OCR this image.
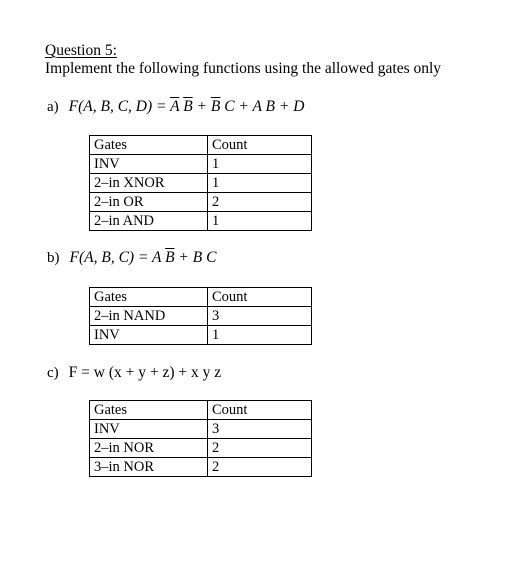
Question 5:
Implement the following functions using the allowed gates only
a) F(A, B, C, $D) = \overline{A}$ $\overline{B} + \overline{B}$ C + A B + D
Gates	Count
INV	1
2–in XNOR	1
2–in OR	2
2–in AND	1
b) F(A, B, C) = A $\overline{B} + B$ C
Gates	Count
2–in NAND	3
INV	1
c) F = w (x + y + z) + x y z
Gates	Count
INV	3
2–in NOR	2
3–in NOR	2
